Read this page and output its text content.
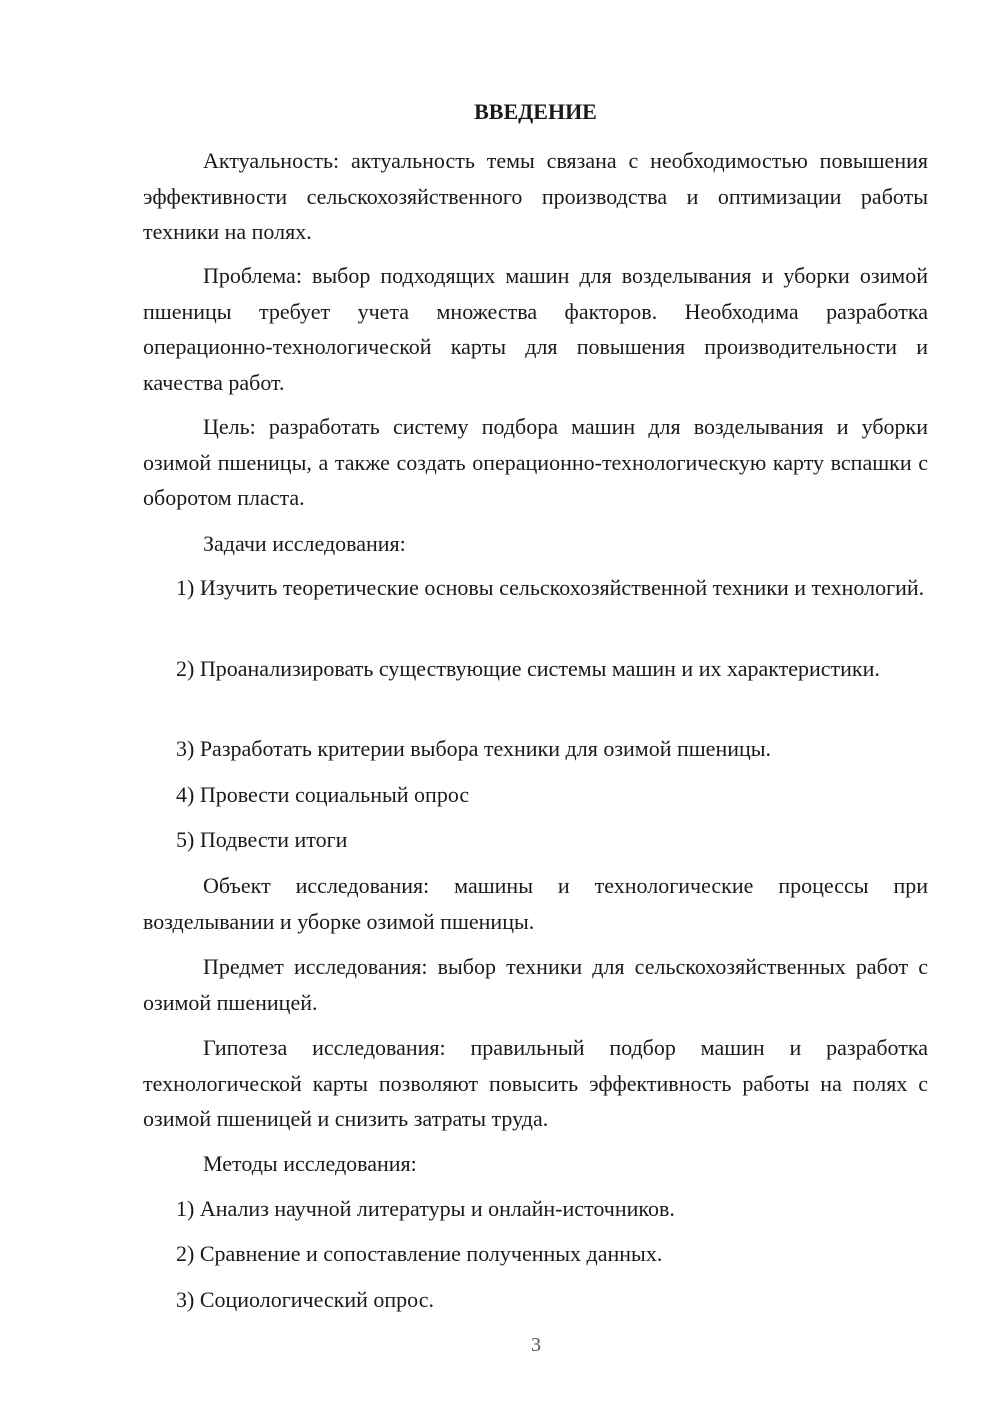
ВВЕДЕНИЕ
Актуальность: актуальность темы связана с необходимостью повышения эффективности сельскохозяйственного производства и оптимизации работы техники на полях.
Проблема: выбор подходящих машин для возделывания и уборки озимой пшеницы требует учета множества факторов. Необходима разработка операционно-технологической карты для повышения производительности и качества работ.
Цель: разработать систему подбора машин для возделывания и уборки озимой пшеницы, а также создать операционно-технологическую карту вспашки с оборотом пласта.
Задачи исследования:
1) Изучить теоретические основы сельскохозяйственной техники и технологий.
2) Проанализировать существующие системы машин и их характеристики.
3) Разработать критерии выбора техники для озимой пшеницы.
4) Провести социальный опрос
5) Подвести итоги
Объект исследования: машины и технологические процессы при возделывании и уборке озимой пшеницы.
Предмет исследования: выбор техники для сельскохозяйственных работ с озимой пшеницей.
Гипотеза исследования: правильный подбор машин и разработка технологической карты позволяют повысить эффективность работы на полях с озимой пшеницей и снизить затраты труда.
Методы исследования:
1) Анализ научной литературы и онлайн-источников.
2) Сравнение и сопоставление полученных данных.
3) Социологический опрос.
3
